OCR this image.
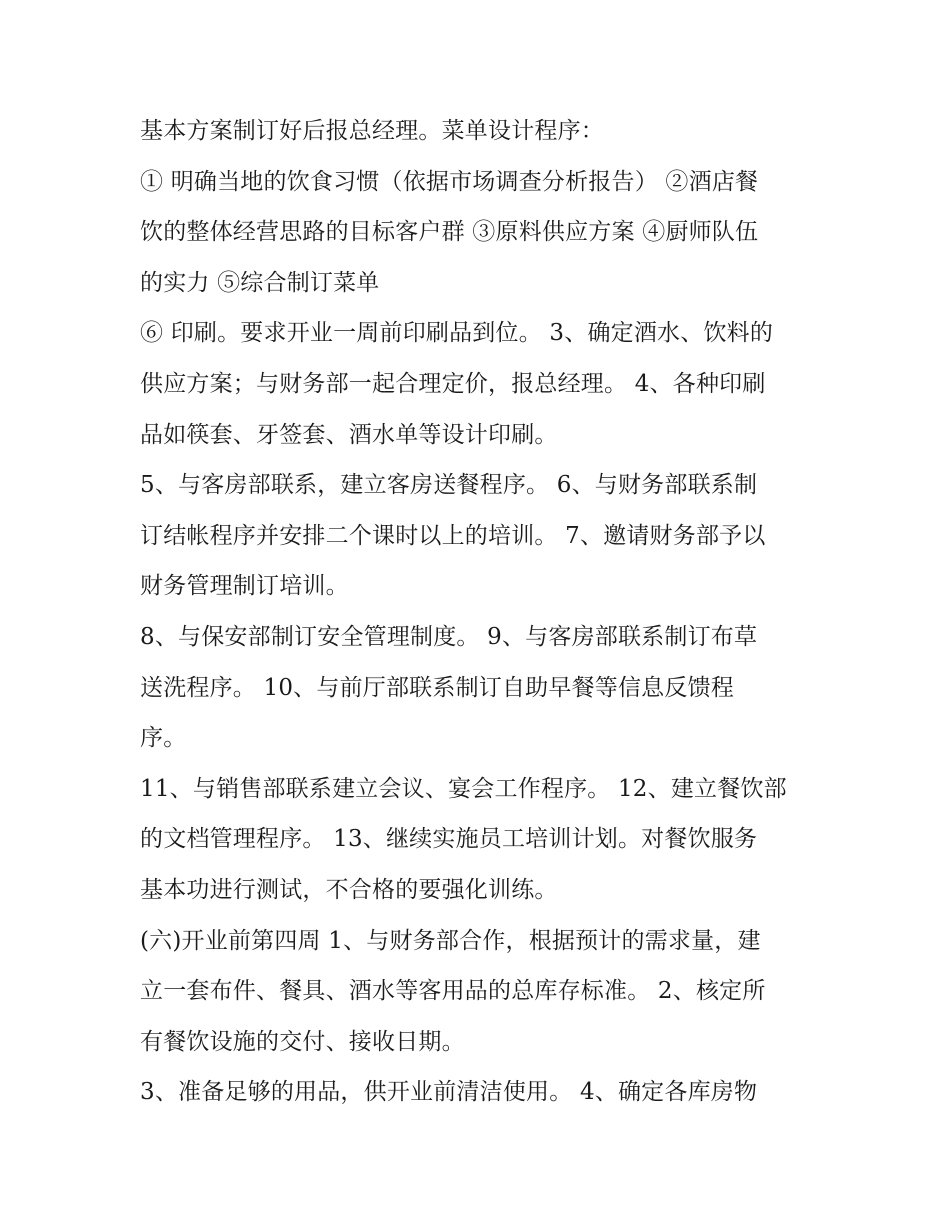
基本方案制订好后报总经理。菜单设计程序：
① 明确当地的饮食习惯（依据市场调查分析报告） ②酒店餐
饮的整体经营思路的目标客户群 ③原料供应方案 ④厨师队伍
的实力 ⑤综合制订菜单
⑥ 印刷。要求开业一周前印刷品到位。 3、确定酒水、饮料的
供应方案；与财务部一起合理定价，报总经理。 4、各种印刷
品如筷套、牙签套、酒水单等设计印刷。
5、与客房部联系，建立客房送餐程序。 6、与财务部联系制
订结帐程序并安排二个课时以上的培训。 7、邀请财务部予以
财务管理制订培训。
8、与保安部制订安全管理制度。 9、与客房部联系制订布草
送洗程序。 10、与前厅部联系制订自助早餐等信息反馈程
序。
11、与销售部联系建立会议、宴会工作程序。 12、建立餐饮部
的文档管理程序。 13、继续实施员工培训计划。对餐饮服务
基本功进行测试，不合格的要强化训练。
(六)开业前第四周 1、与财务部合作，根据预计的需求量，建
立一套布件、餐具、酒水等客用品的总库存标准。 2、核定所
有餐饮设施的交付、接收日期。
3、准备足够的用品，供开业前清洁使用。 4、确定各库房物
